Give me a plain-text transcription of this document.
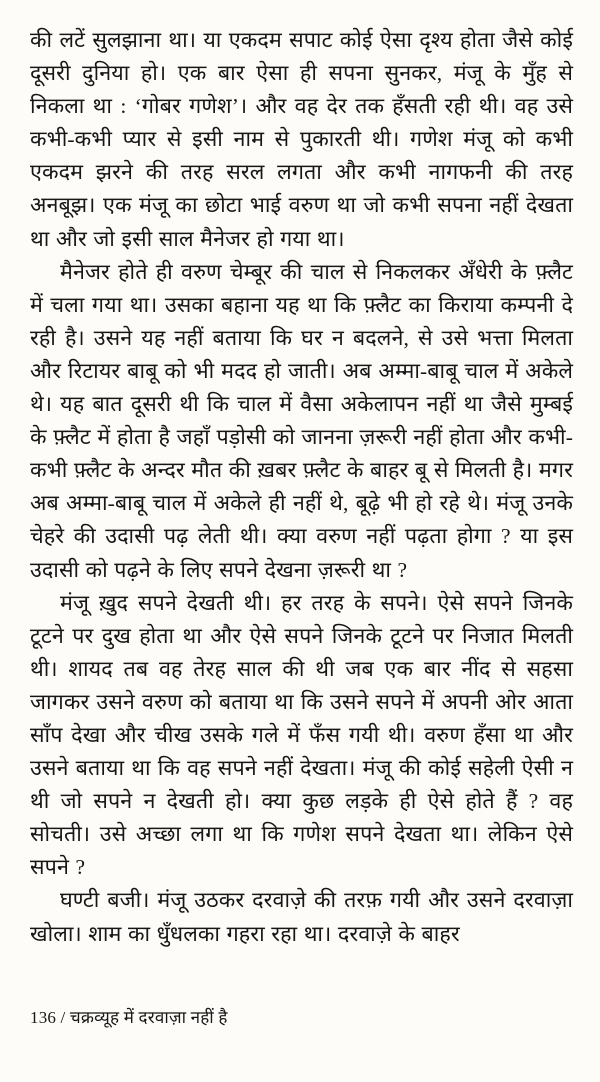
की लटें सुलझाना था। या एकदम सपाट कोई ऐसा दृश्य होता जैसे कोई दूसरी दुनिया हो। एक बार ऐसा ही सपना सुनकर, मंजू के मुँह से निकला था : ‘गोबर गणेश’। और वह देर तक हँसती रही थी। वह उसे कभी-कभी प्यार से इसी नाम से पुकारती थी। गणेश मंजू को कभी एकदम झरने की तरह सरल लगता और कभी नागफनी की तरह अनबूझ। एक मंजू का छोटा भाई वरुण था जो कभी सपना नहीं देखता था और जो इसी साल मैनेजर हो गया था।

मैनेजर होते ही वरुण चेम्बूर की चाल से निकलकर अँधेरी के फ़्लैट में चला गया था। उसका बहाना यह था कि फ़्लैट का किराया कम्पनी दे रही है। उसने यह नहीं बताया कि घर न बदलने, से उसे भत्ता मिलता और रिटायर बाबू को भी मदद हो जाती। अब अम्मा-बाबू चाल में अकेले थे। यह बात दूसरी थी कि चाल में वैसा अकेलापन नहीं था जैसे मुम्बई के फ़्लैट में होता है जहाँ पड़ोसी को जानना ज़रूरी नहीं होता और कभी-कभी फ़्लैट के अन्दर मौत की ख़बर फ़्लैट के बाहर बू से मिलती है। मगर अब अम्मा-बाबू चाल में अकेले ही नहीं थे, बूढ़े भी हो रहे थे। मंजू उनके चेहरे की उदासी पढ़ लेती थी। क्या वरुण नहीं पढ़ता होगा ? या इस उदासी को पढ़ने के लिए सपने देखना ज़रूरी था ?

मंजू ख़ुद सपने देखती थी। हर तरह के सपने। ऐसे सपने जिनके टूटने पर दुख होता था और ऐसे सपने जिनके टूटने पर निजात मिलती थी। शायद तब वह तेरह साल की थी जब एक बार नींद से सहसा जागकर उसने वरुण को बताया था कि उसने सपने में अपनी ओर आता साँप देखा और चीख उसके गले में फँस गयी थी। वरुण हँसा था और उसने बताया था कि वह सपने नहीं देखता। मंजू की कोई सहेली ऐसी न थी जो सपने न देखती हो। क्या कुछ लड़के ही ऐसे होते हैं ? वह सोचती। उसे अच्छा लगा था कि गणेश सपने देखता था। लेकिन ऐसे सपने ?

घण्टी बजी। मंजू उठकर दरवाज़े की तरफ़ गयी और उसने दरवाज़ा खोला। शाम का धुँधलका गहरा रहा था। दरवाज़े के बाहर

136 / चक्रव्यूह में दरवाज़ा नहीं है
